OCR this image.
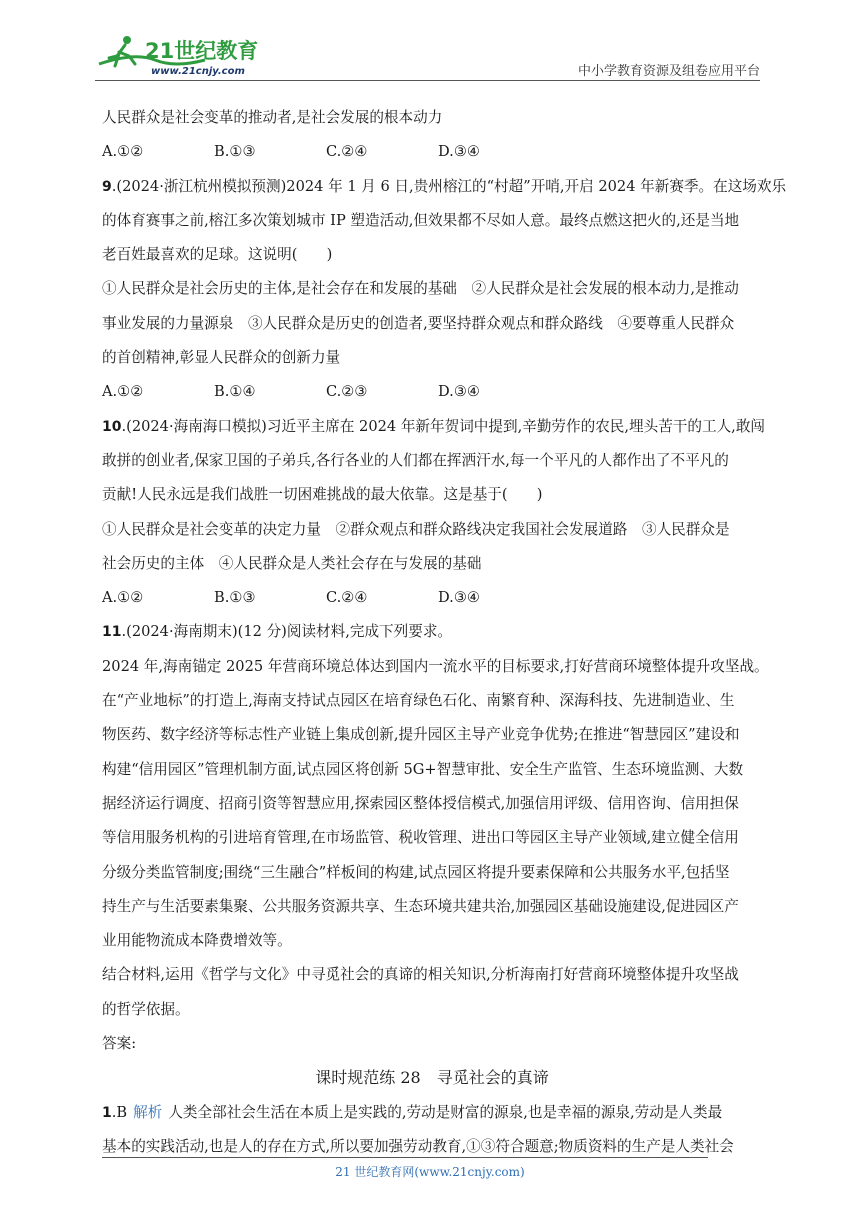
21世纪教育
www.21cnjy.com	中小学教育资源及组卷应用平台

人民群众是社会变革的推动者,是社会发展的根本动力

A.①②	B.①③	C.②④	D.③④

9.(2024·浙江杭州模拟预测)2024 年 1 月 6 日,贵州榕江的“村超”开哨,开启 2024 年新赛季。在这场欢乐

的体育赛事之前,榕江多次策划城市 IP 塑造活动,但效果都不尽如人意。最终点燃这把火的,还是当地

老百姓最喜欢的足球。这说明(　　)

①人民群众是社会历史的主体,是社会存在和发展的基础　②人民群众是社会发展的根本动力,是推动

事业发展的力量源泉　③人民群众是历史的创造者,要坚持群众观点和群众路线　④要尊重人民群众

的首创精神,彰显人民群众的创新力量

A.①②	B.①④	C.②③	D.③④

10.(2024·海南海口模拟)习近平主席在 2024 年新年贺词中提到,辛勤劳作的农民,埋头苦干的工人,敢闯

敢拼的创业者,保家卫国的子弟兵,各行各业的人们都在挥洒汗水,每一个平凡的人都作出了不平凡的

贡献!人民永远是我们战胜一切困难挑战的最大依靠。这是基于(　　)

①人民群众是社会变革的决定力量　②群众观点和群众路线决定我国社会发展道路　③人民群众是

社会历史的主体　④人民群众是人类社会存在与发展的基础

A.①②	B.①③	C.②④	D.③④

11.(2024·海南期末)(12 分)阅读材料,完成下列要求。

2024 年,海南锚定 2025 年营商环境总体达到国内一流水平的目标要求,打好营商环境整体提升攻坚战。

在“产业地标”的打造上,海南支持试点园区在培育绿色石化、南繁育种、深海科技、先进制造业、生

物医药、数字经济等标志性产业链上集成创新,提升园区主导产业竞争优势;在推进“智慧园区”建设和

构建“信用园区”管理机制方面,试点园区将创新 5G+智慧审批、安全生产监管、生态环境监测、大数

据经济运行调度、招商引资等智慧应用,探索园区整体授信模式,加强信用评级、信用咨询、信用担保

等信用服务机构的引进培育管理,在市场监管、税收管理、进出口等园区主导产业领域,建立健全信用

分级分类监管制度;围绕“三生融合”样板间的构建,试点园区将提升要素保障和公共服务水平,包括坚

持生产与生活要素集聚、公共服务资源共享、生态环境共建共治,加强园区基础设施建设,促进园区产

业用能物流成本降费增效等。

结合材料,运用《哲学与文化》中寻觅社会的真谛的相关知识,分析海南打好营商环境整体提升攻坚战

的哲学依据。

答案:

课时规范练 28　寻觅社会的真谛

1.B 解析 人类全部社会生活在本质上是实践的,劳动是财富的源泉,也是幸福的源泉,劳动是人类最

基本的实践活动,也是人的存在方式,所以要加强劳动教育,①③符合题意;物质资料的生产是人类社会

21 世纪教育网(www.21cnjy.com)
